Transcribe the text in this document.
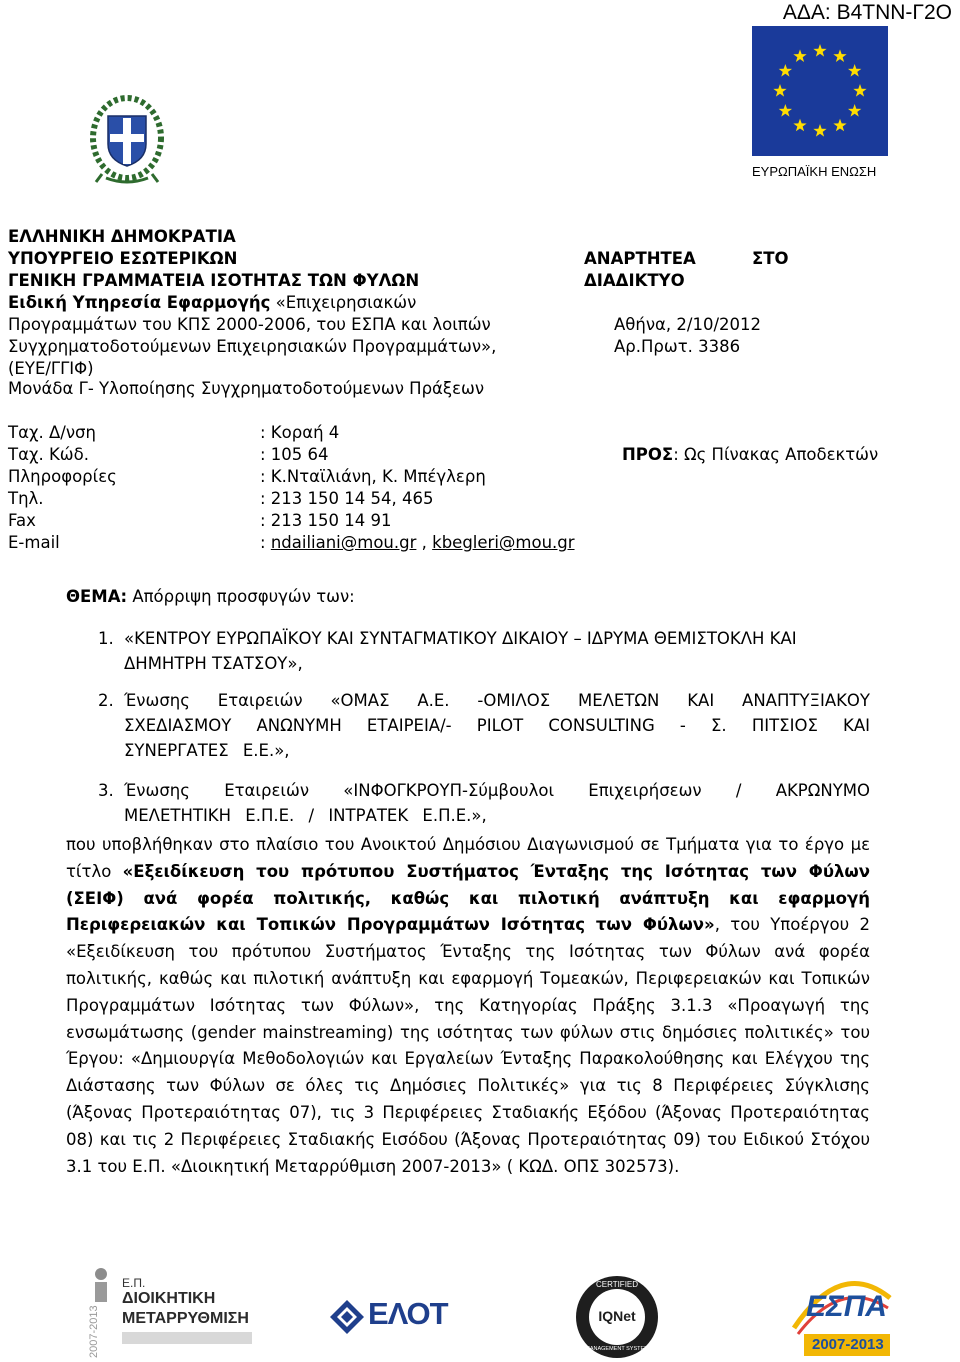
ΑΔΑ: Β4ΤΝΝ-Γ2Ο
ΕΥΡΩΠΑΪΚΗ ΕΝΩΣΗ
ΕΛΛΗΝΙΚΗ ΔΗΜΟΚΡΑΤΙΑ
ΥΠΟΥΡΓΕΙΟ ΕΣΩΤΕΡΙΚΩΝ
ΓΕΝΙΚΗ ΓΡΑΜΜΑΤΕΙΑ ΙΣΟΤΗΤΑΣ ΤΩΝ ΦΥΛΩΝ
Ειδική Υπηρεσία Εφαρμογής «Επιχειρησιακών
Προγραμμάτων του ΚΠΣ 2000-2006, του ΕΣΠΑ και λοιπών
Συγχρηματοδοτούμενων Επιχειρησιακών Προγραμμάτων»,
(ΕΥΕ/ΓΓΙΦ)
Μονάδα Γ- Υλοποίησης Συγχρηματοδοτούμενων Πράξεων
ΑΝΑΡΤΗΤΕΑ	ΣΤΟ
ΔΙΑΔΙΚΤΥΟ
Αθήνα, 2/10/2012
Αρ.Πρωτ. 3386
Ταχ. Δ/νση	: Κοραή 4
Ταχ. Κώδ.	: 105 64
Πληροφορίες	: Κ.Νταϊλιάνη, Κ. Μπέγλερη
Τηλ.	: 213 150 14 54, 465
Fax	: 213 150 14 91
E-mail	: ndailiani@mou.gr , kbegleri@mou.gr
ΠΡΟΣ: Ως Πίνακας Αποδεκτών
ΘΕΜΑ: Απόρριψη προσφυγών των:
1. «ΚΕΝΤΡΟΥ ΕΥΡΩΠΑΪΚΟΥ ΚΑΙ ΣΥΝΤΑΓΜΑΤΙΚΟΥ ΔΙΚΑΙΟΥ – ΙΔΡΥΜΑ ΘΕΜΙΣΤΟΚΛΗ ΚΑΙ ΔΗΜΗΤΡΗ ΤΣΑΤΣΟΥ»,
2. Ένωσης Εταιρειών «ΟΜΑΣ Α.Ε. -ΟΜΙΛΟΣ ΜΕΛΕΤΩΝ ΚΑΙ ΑΝΑΠΤΥΞΙΑΚΟΥ ΣΧΕΔΙΑΣΜΟΥ ΑΝΩΝΥΜΗ ΕΤΑΙΡΕΙΑ/- PILOT CONSULTING - Σ. ΠΙΤΣΙΟΣ ΚΑΙ ΣΥΝΕΡΓΑΤΕΣ Ε.Ε.»,
3. Ένωσης Εταιρειών «ΙΝΦΟΓΚΡΟΥΠ-Σύμβουλοι Επιχειρήσεων / ΑΚΡΩΝΥΜΟ ΜΕΛΕΤΗΤΙΚΗ Ε.Π.Ε. / ΙΝΤΡΑΤΕΚ Ε.Π.Ε.»,
που υποβλήθηκαν στο πλαίσιο του Ανοικτού Δημόσιου Διαγωνισμού σε Τμήματα για το έργο με τίτλο «Εξειδίκευση του πρότυπου Συστήματος Ένταξης της Ισότητας των Φύλων (ΣΕΙΦ) ανά φορέα πολιτικής, καθώς και πιλοτική ανάπτυξη και εφαρμογή Περιφερειακών και Τοπικών Προγραμμάτων Ισότητας των Φύλων», του Υποέργου 2 «Εξειδίκευση του πρότυπου Συστήματος Ένταξης της Ισότητας των Φύλων ανά φορέα πολιτικής, καθώς και πιλοτική ανάπτυξη και εφαρμογή Τομεακών, Περιφερειακών και Τοπικών Προγραμμάτων Ισότητας των Φύλων», της Κατηγορίας Πράξης 3.1.3 «Προαγωγή της ενσωμάτωσης (gender mainstreaming) της ισότητας των φύλων στις δημόσιες πολιτικές» του Έργου: «Δημιουργία Μεθοδολογιών και Εργαλείων Ένταξης Παρακολούθησης και Ελέγχου της Διάστασης των Φύλων σε όλες τις Δημόσιες Πολιτικές» για τις 8 Περιφέρειες Σύγκλισης (Άξονας Προτεραιότητας 07), τις 3 Περιφέρειες Σταδιακής Εξόδου (Άξονας Προτεραιότητας 08) και τις 2 Περιφέρειες Σταδιακής Εισόδου (Άξονας Προτεραιότητας 09) του Ειδικού Στόχου 3.1 του Ε.Π. «Διοικητική Μεταρρύθμιση 2007-2013» ( ΚΩΔ. ΟΠΣ 302573).
2007-2013
Ε.Π.
ΔΙΟΙΚΗΤΙΚΗ
ΜΕΤΑΡΡΥΘΜΙΣΗ	ΕΛΟΤ
CERTIFIED
IQNet
MANAGEMENT SYSTEM
ΕΣΠΑ
2007-2013
